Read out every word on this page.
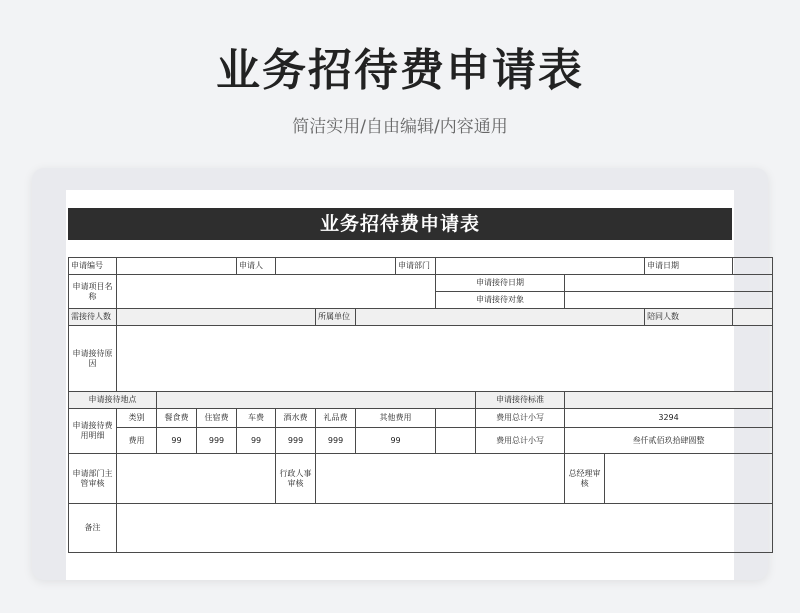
业务招待费申请表
简洁实用/自由编辑/内容通用
业务招待费申请表
申请编号				申请人				申请部门					申请日期	
申请项目名称									申请接待日期					
									申请接待对象					
需接待人数						所属单位							陪同人数	
申请接待原因														
申请接待地点										申请接待标准				
申请接待费用明细	类别	餐食费	住宿费	车费	酒水费	礼品费	其他费用			费用总计小写	3294			
	费用	99	999	99	999	999	99			费用总计小写	叁仟贰佰玖拾肆圆整			
申请部门主管审核					行政人事审核						总经理审核			
备注														
